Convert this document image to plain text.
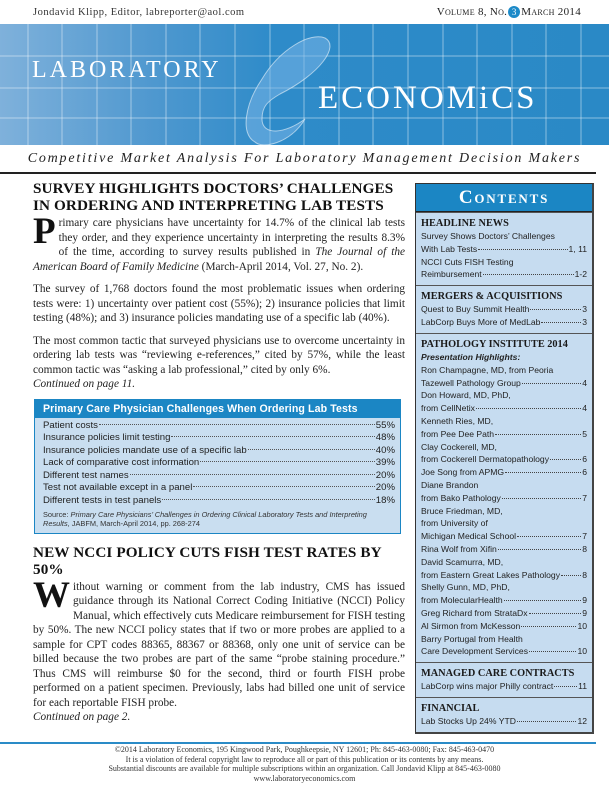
Jondavid Klipp, Editor, labreporter@aol.com	Volume 8, No. 3 March 2014
LABORATORY
ECONOMiCS
Competitive Market Analysis For Laboratory Management Decision Makers
SURVEY HIGHLIGHTS DOCTORS’ CHALLENGES IN ORDERING AND INTERPRETING LAB TESTS

Primary care physicians have uncertainty for 14.7% of the clinical lab tests they order, and they experience uncertainty in interpreting the results 8.3% of the time, according to survey results published in The Journal of the American Board of Family Medicine (March-April 2014, Vol. 27, No. 2).

The survey of 1,768 doctors found the most problematic issues when ordering tests were: 1) uncertainty over patient cost (55%); 2) insurance policies that limit testing (48%); and 3) insurance policies mandating use of a specific lab (40%).

The most common tactic that surveyed physicians use to overcome uncertainty in ordering lab tests was “reviewing e-references,” cited by 57%, while the least common tactic was “asking a lab professional,” cited by only 6%.
Continued on page 11.

Primary Care Physician Challenges When Ordering Lab Tests
Patient costs	55%
Insurance policies limit testing	48%
Insurance policies mandate use of a specific lab	40%
Lack of comparative cost information	39%
Different test names	20%
Test not available except in a panel	20%
Different tests in test panels	18%
Source: Primary Care Physicians’ Challenges in Ordering Clinical Laboratory Tests and Interpreting Results, JABFM, March-April 2014, pp. 268-274
NEW NCCI POLICY CUTS FISH TEST RATES BY 50%

Without warning or comment from the lab industry, CMS has issued guidance through its National Correct Coding Initiative (NCCI) Policy Manual, which effectively cuts Medicare reimbursement for FISH testing by 50%. The new NCCI policy states that if two or more probes are applied to a sample for CPT codes 88365, 88367 or 88368, only one unit of service can be billed because the two probes are part of the same “probe staining procedure.” Thus CMS will reimburse $0 for the second, third or fourth FISH probe performed on a patient specimen. Previously, labs had billed one unit of service for each reportable FISH probe.
Continued on page 2.

Contents
HEADLINE NEWS
Survey Shows Doctors’ Challenges
With Lab Tests	1, 11
NCCI Cuts FISH Testing
Reimbursement	1-2
MERGERS & ACQUISITIONS
Quest to Buy Summit Health	3
LabCorp Buys More of MedLab	3
PATHOLOGY INSTITUTE 2014
Presentation Highlights:
Ron Champagne, MD, from Peoria
Tazewell Pathology Group	4
Don Howard, MD, PhD,
from CellNetix	4
Kenneth Ries, MD,
from Pee Dee Path	5
Clay Cockerell, MD,
from Cockerell Dermatopathology	6
Joe Song from APMG	6
Diane Brandon
from Bako Pathology	7
Bruce Friedman, MD,
from University of
Michigan Medical School	7
Rina Wolf from Xifin	8
David Scamurra, MD,
from Eastern Great Lakes Pathology	8
Shelly Gunn, MD, PhD,
from MolecularHealth	9
Greg Richard from StrataDx	9
Al Sirmon from McKesson	10
Barry Portugal from Health
Care Development Services	10
MANAGED CARE CONTRACTS
LabCorp wins major Philly contract	11
FINANCIAL
Lab Stocks Up 24% YTD	12
©2014 Laboratory Economics, 195 Kingwood Park, Poughkeepsie, NY 12601; Ph: 845-463-0080; Fax: 845-463-0470
It is a violation of federal copyright law to reproduce all or part of this publication or its contents by any means.
Substantial discounts are available for multiple subscriptions within an organization. Call Jondavid Klipp at 845-463-0080
www.laboratoryeconomics.com
